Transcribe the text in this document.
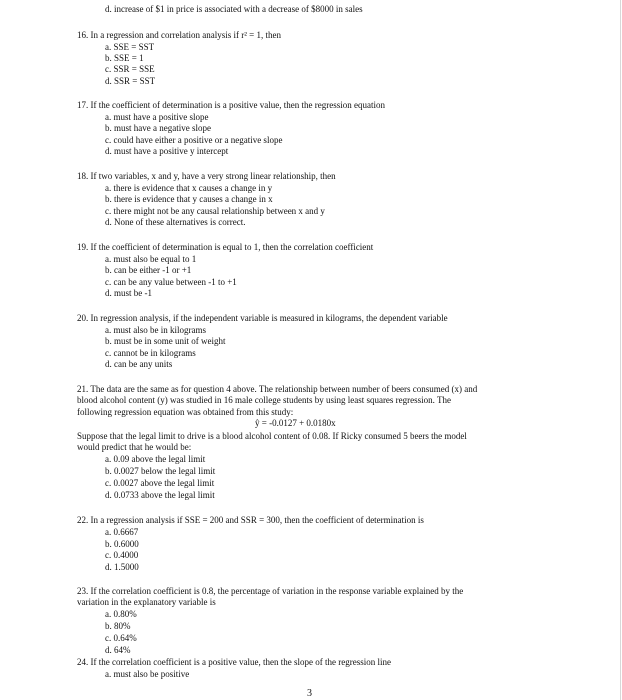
d. increase of $1 in price is associated with a decrease of $8000 in sales
16. In a regression and correlation analysis if r² = 1, then
a. SSE = SST
b. SSE = 1
c. SSR = SSE
d. SSR = SST
17. If the coefficient of determination is a positive value, then the regression equation
a. must have a positive slope
b. must have a negative slope
c. could have either a positive or a negative slope
d. must have a positive y intercept
18. If two variables, x and y, have a very strong linear relationship, then
a. there is evidence that x causes a change in y
b. there is evidence that y causes a change in x
c. there might not be any causal relationship between x and y
d. None of these alternatives is correct.
19. If the coefficient of determination is equal to 1, then the correlation coefficient
a. must also be equal to 1
b. can be either -1 or +1
c. can be any value between -1 to +1
d. must be -1
20. In regression analysis, if the independent variable is measured in kilograms, the dependent variable
a. must also be in kilograms
b. must be in some unit of weight
c. cannot be in kilograms
d. can be any units
21. The data are the same as for question 4 above. The relationship between number of beers consumed (x) and
blood alcohol content (y) was studied in 16 male college students by using least squares regression. The
following regression equation was obtained from this study:
ŷ = -0.0127 + 0.0180x
Suppose that the legal limit to drive is a blood alcohol content of 0.08. If Ricky consumed 5 beers the model
would predict that he would be:
a. 0.09 above the legal limit
b. 0.0027 below the legal limit
c. 0.0027 above the legal limit
d. 0.0733 above the legal limit
22. In a regression analysis if SSE = 200 and SSR = 300, then the coefficient of determination is
a. 0.6667
b. 0.6000
c. 0.4000
d. 1.5000
23. If the correlation coefficient is 0.8, the percentage of variation in the response variable explained by the
variation in the explanatory variable is
a. 0.80%
b. 80%
c. 0.64%
d. 64%
24. If the correlation coefficient is a positive value, then the slope of the regression line
a. must also be positive
3
